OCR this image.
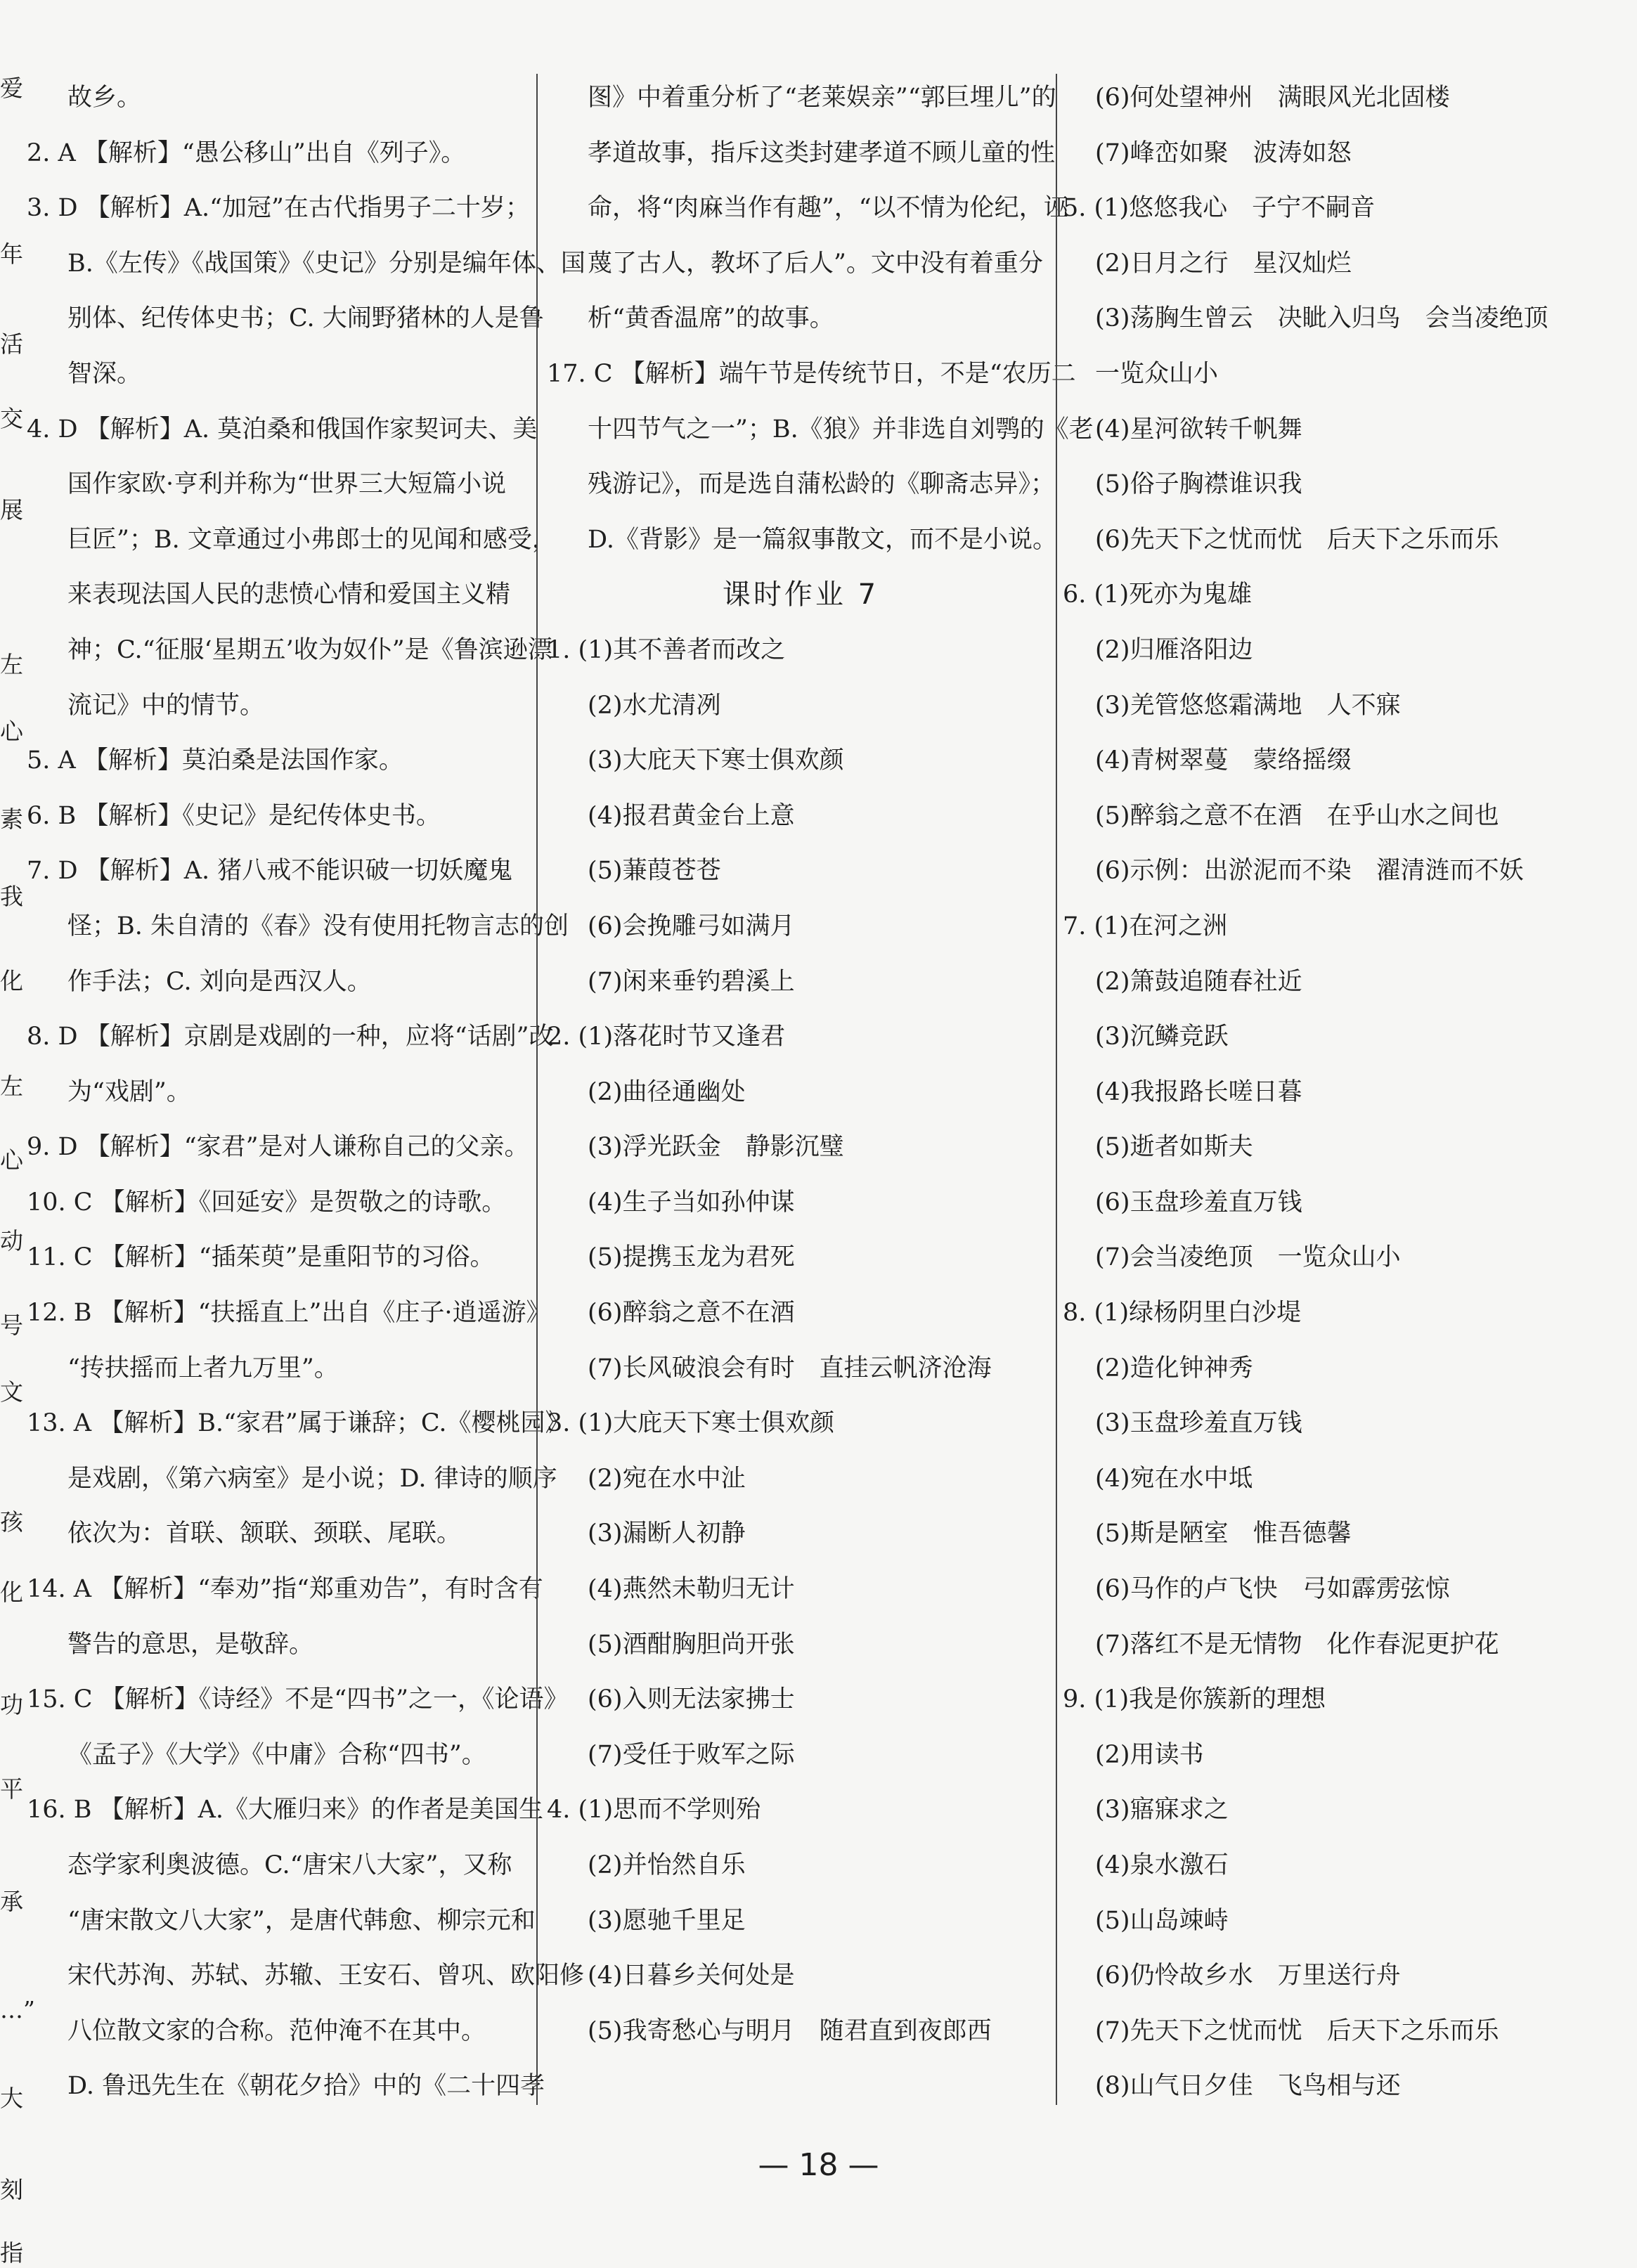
爱
年
活
交
展
左
心
素
我
化
左
心
动
号
文
孩
化
功
平
承
…”
大
刻
指
故乡。
2. A 【解析】“愚公移山”出自《列子》。
3. D 【解析】A.“加冠”在古代指男子二十岁；
B.《左传》《战国策》《史记》分别是编年体、国
别体、纪传体史书；C. 大闹野猪林的人是鲁
智深。
4. D 【解析】A. 莫泊桑和俄国作家契诃夫、美
国作家欧·亨利并称为“世界三大短篇小说
巨匠”；B. 文章通过小弗郎士的见闻和感受，
来表现法国人民的悲愤心情和爱国主义精
神；C.“征服‘星期五’收为奴仆”是《鲁滨逊漂
流记》中的情节。
5. A 【解析】莫泊桑是法国作家。
6. B 【解析】《史记》是纪传体史书。
7. D 【解析】A. 猪八戒不能识破一切妖魔鬼
怪；B. 朱自清的《春》没有使用托物言志的创
作手法；C. 刘向是西汉人。
8. D 【解析】京剧是戏剧的一种，应将“话剧”改
为“戏剧”。
9. D 【解析】“家君”是对人谦称自己的父亲。
10. C 【解析】《回延安》是贺敬之的诗歌。
11. C 【解析】“插茱萸”是重阳节的习俗。
12. B 【解析】“扶摇直上”出自《庄子·逍遥游》
“抟扶摇而上者九万里”。
13. A 【解析】B.“家君”属于谦辞；C.《樱桃园》
是戏剧，《第六病室》是小说；D. 律诗的顺序
依次为：首联、颔联、颈联、尾联。
14. A 【解析】“奉劝”指“郑重劝告”，有时含有
警告的意思，是敬辞。
15. C 【解析】《诗经》不是“四书”之一，《论语》
《孟子》《大学》《中庸》合称“四书”。
16. B 【解析】A.《大雁归来》的作者是美国生
态学家利奥波德。C.“唐宋八大家”，又称
“唐宋散文八大家”，是唐代韩愈、柳宗元和
宋代苏洵、苏轼、苏辙、王安石、曾巩、欧阳修
八位散文家的合称。范仲淹不在其中。
D. 鲁迅先生在《朝花夕拾》中的《二十四孝
图》中着重分析了“老莱娱亲”“郭巨埋儿”的
孝道故事，指斥这类封建孝道不顾儿童的性
命，将“肉麻当作有趣”，“以不情为伦纪，诬
蔑了古人，教坏了后人”。文中没有着重分
析“黄香温席”的故事。
17. C 【解析】端午节是传统节日，不是“农历二
十四节气之一”；B.《狼》并非选自刘鹗的《老
残游记》，而是选自蒲松龄的《聊斋志异》；
D.《背影》是一篇叙事散文，而不是小说。
课时作业 7
1. (1)其不善者而改之
(2)水尤清冽
(3)大庇天下寒士俱欢颜
(4)报君黄金台上意
(5)蒹葭苍苍
(6)会挽雕弓如满月
(7)闲来垂钓碧溪上
2. (1)落花时节又逢君
(2)曲径通幽处
(3)浮光跃金　静影沉璧
(4)生子当如孙仲谋
(5)提携玉龙为君死
(6)醉翁之意不在酒
(7)长风破浪会有时　直挂云帆济沧海
3. (1)大庇天下寒士俱欢颜
(2)宛在水中沚
(3)漏断人初静
(4)燕然未勒归无计
(5)酒酣胸胆尚开张
(6)入则无法家拂士
(7)受任于败军之际
4. (1)思而不学则殆
(2)并怡然自乐
(3)愿驰千里足
(4)日暮乡关何处是
(5)我寄愁心与明月　随君直到夜郎西
(6)何处望神州　满眼风光北固楼
(7)峰峦如聚　波涛如怒
5. (1)悠悠我心　子宁不嗣音
(2)日月之行　星汉灿烂
(3)荡胸生曾云　决眦入归鸟　会当凌绝顶
一览众山小
(4)星河欲转千帆舞
(5)俗子胸襟谁识我
(6)先天下之忧而忧　后天下之乐而乐
6. (1)死亦为鬼雄
(2)归雁洛阳边
(3)羌管悠悠霜满地　人不寐
(4)青树翠蔓　蒙络摇缀
(5)醉翁之意不在酒　在乎山水之间也
(6)示例：出淤泥而不染　濯清涟而不妖
7. (1)在河之洲
(2)箫鼓追随春社近
(3)沉鳞竞跃
(4)我报路长嗟日暮
(5)逝者如斯夫
(6)玉盘珍羞直万钱
(7)会当凌绝顶　一览众山小
8. (1)绿杨阴里白沙堤
(2)造化钟神秀
(3)玉盘珍羞直万钱
(4)宛在水中坻
(5)斯是陋室　惟吾德馨
(6)马作的卢飞快　弓如霹雳弦惊
(7)落红不是无情物　化作春泥更护花
9. (1)我是你簇新的理想
(2)用读书
(3)寤寐求之
(4)泉水激石
(5)山岛竦峙
(6)仍怜故乡水　万里送行舟
(7)先天下之忧而忧　后天下之乐而乐
(8)山气日夕佳　飞鸟相与还
— 18 —
